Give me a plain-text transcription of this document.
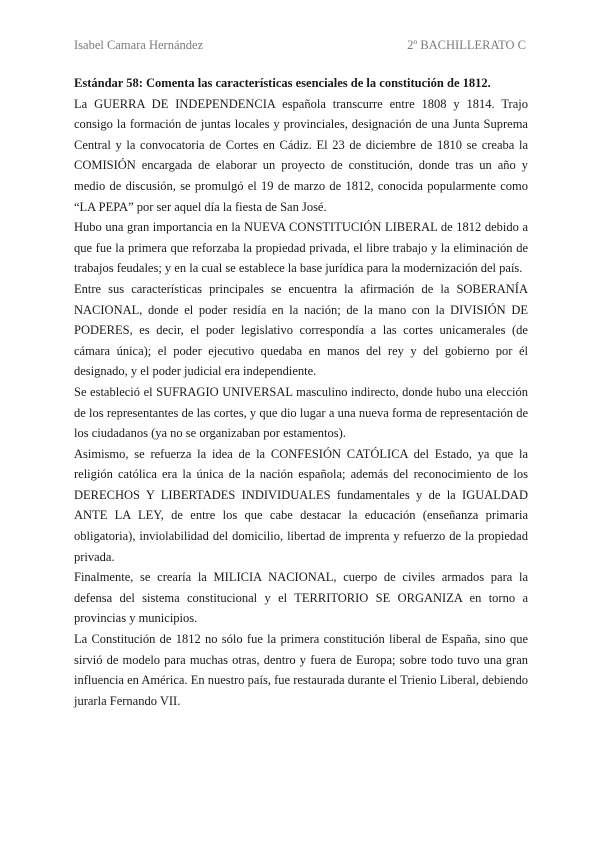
Isabel Camara Hernández	2º BACHILLERATO C
Estándar 58: Comenta las características esenciales de la constitución de 1812.

La GUERRA DE INDEPENDENCIA española transcurre entre 1808 y 1814. Trajo consigo la formación de juntas locales y provinciales, designación de una Junta Suprema Central y la convocatoria de Cortes en Cádiz. El 23 de diciembre de 1810 se creaba la COMISIÓN encargada de elaborar un proyecto de constitución, donde tras un año y medio de discusión, se promulgó el 19 de marzo de 1812, conocida popularmente como “LA PEPA” por ser aquel día la fiesta de San José.

Hubo una gran importancia en la NUEVA CONSTITUCIÓN LIBERAL de 1812 debido a que fue la primera que reforzaba la propiedad privada, el libre trabajo y la eliminación de trabajos feudales; y en la cual se establece la base jurídica para la modernización del país.

Entre sus características principales se encuentra la afirmación de la SOBERANÍA NACIONAL, donde el poder residía en la nación; de la mano con la DIVISIÓN DE PODERES, es decir, el poder legislativo correspondía a las cortes unicamerales (de cámara única); el poder ejecutivo quedaba en manos del rey y del gobierno por él designado, y el poder judicial era independiente.

Se estableció el SUFRAGIO UNIVERSAL masculino indirecto, donde hubo una elección de los representantes de las cortes, y que dio lugar a una nueva forma de representación de los ciudadanos (ya no se organizaban por estamentos).

Asimismo, se refuerza la idea de la CONFESIÓN CATÓLICA del Estado, ya que la religión católica era la única de la nación española; además del reconocimiento de los DERECHOS Y LIBERTADES INDIVIDUALES fundamentales y de la IGUALDAD ANTE LA LEY, de entre los que cabe destacar la educación (enseñanza primaria obligatoria), inviolabilidad del domicilio, libertad de imprenta y refuerzo de la propiedad privada.

Finalmente, se crearía la MILICIA NACIONAL, cuerpo de civiles armados para la defensa del sistema constitucional y el TERRITORIO SE ORGANIZA en torno a provincias y municipios.

La Constitución de 1812 no sólo fue la primera constitución liberal de España, sino que sirvió de modelo para muchas otras, dentro y fuera de Europa; sobre todo tuvo una gran influencia en América. En nuestro país, fue restaurada durante el Trienio Liberal, debiendo jurarla Fernando VII.
